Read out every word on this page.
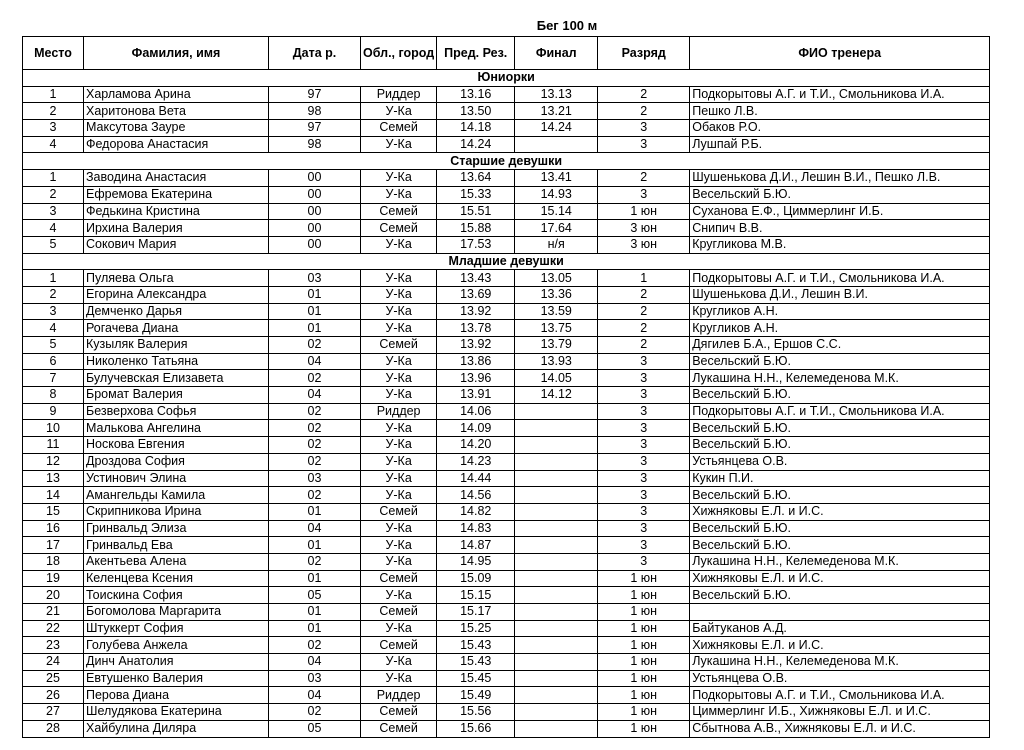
Бег 100 м
Место	Фамилия, имя	Дата р.	Обл., город	Пред. Рез.	Финал	Разряд	ФИО тренера
Юниорки							
1	Харламова Арина	97	Риддер	13.16	13.13	2	Подкорытовы А.Г. и Т.И., Смольникова И.А.
2	Харитонова Вета	98	У-Ка	13.50	13.21	2	Пешко Л.В.
3	Максутова Зауре	97	Семей	14.18	14.24	3	Обаков Р.О.
4	Федорова Анастасия	98	У-Ка	14.24		3	Лушпай Р.Б.
Старшие девушки							
1	Заводина Анастасия	00	У-Ка	13.64	13.41	2	Шушенькова Д.И., Лешин В.И., Пешко Л.В.
2	Ефремова Екатерина	00	У-Ка	15.33	14.93	3	Весельский Б.Ю.
3	Федькина Кристина	00	Семей	15.51	15.14	1 юн	Суханова Е.Ф., Циммерлинг И.Б.
4	Ирхина Валерия	00	Семей	15.88	17.64	3 юн	Снипич В.В.
5	Сокович Мария	00	У-Ка	17.53	н/я	3 юн	Кругликова М.В.
Младшие девушки							
1	Пуляева Ольга	03	У-Ка	13.43	13.05	1	Подкорытовы А.Г. и Т.И., Смольникова И.А.
2	Егорина Александра	01	У-Ка	13.69	13.36	2	Шушенькова Д.И., Лешин В.И.
3	Демченко Дарья	01	У-Ка	13.92	13.59	2	Кругликов А.Н.
4	Рогачева Диана	01	У-Ка	13.78	13.75	2	Кругликов А.Н.
5	Кузыляк Валерия	02	Семей	13.92	13.79	2	Дягилев Б.А., Ершов С.С.
6	Николенко Татьяна	04	У-Ка	13.86	13.93	3	Весельский Б.Ю.
7	Булучевская Елизавета	02	У-Ка	13.96	14.05	3	Лукашина Н.Н., Келемеденова М.К.
8	Бромат Валерия	04	У-Ка	13.91	14.12	3	Весельский Б.Ю.
9	Безверхова Софья	02	Риддер	14.06		3	Подкорытовы А.Г. и Т.И., Смольникова И.А.
10	Малькова Ангелина	02	У-Ка	14.09		3	Весельский Б.Ю.
11	Носкова Евгения	02	У-Ка	14.20		3	Весельский Б.Ю.
12	Дроздова София	02	У-Ка	14.23		3	Устьянцева О.В.
13	Устинович Элина	03	У-Ка	14.44		3	Кукин П.И.
14	Амангельды Камила	02	У-Ка	14.56		3	Весельский Б.Ю.
15	Скрипникова Ирина	01	Семей	14.82		3	Хижняковы Е.Л. и И.С.
16	Гринвальд Элиза	04	У-Ка	14.83		3	Весельский Б.Ю.
17	Гринвальд Ева	01	У-Ка	14.87		3	Весельский Б.Ю.
18	Акентьева Алена	02	У-Ка	14.95		3	Лукашина Н.Н., Келемеденова М.К.
19	Келенцева Ксения	01	Семей	15.09		1 юн	Хижняковы Е.Л. и И.С.
20	Тоискина София	05	У-Ка	15.15		1 юн	Весельский Б.Ю.
21	Богомолова Маргарита	01	Семей	15.17		1 юн	
22	Штуккерт София	01	У-Ка	15.25		1 юн	Байтуканов А.Д.
23	Голубева Анжела	02	Семей	15.43		1 юн	Хижняковы Е.Л. и И.С.
24	Динч Анатолия	04	У-Ка	15.43		1 юн	Лукашина Н.Н., Келемеденова М.К.
25	Евтушенко Валерия	03	У-Ка	15.45		1 юн	Устьянцева О.В.
26	Перова Диана	04	Риддер	15.49		1 юн	Подкорытовы А.Г. и Т.И., Смольникова И.А.
27	Шелудякова Екатерина	02	Семей	15.56		1 юн	Циммерлинг И.Б., Хижняковы Е.Л. и И.С.
28	Хайбулина Диляра	05	Семей	15.66		1 юн	Сбытнова А.В., Хижняковы Е.Л. и И.С.
